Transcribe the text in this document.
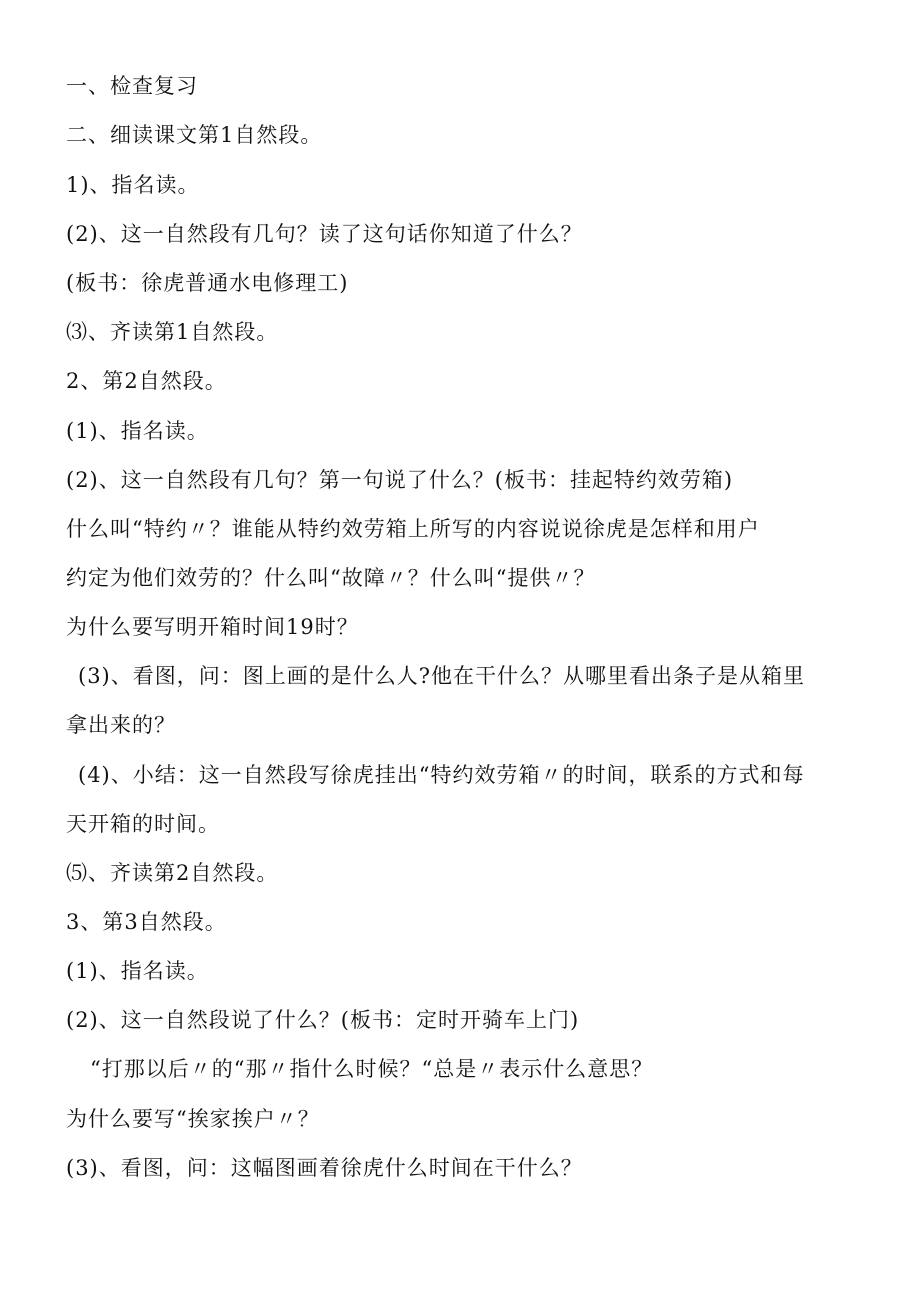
一、检查复习
二、细读课文第1自然段。
1)、指名读。
(2)、这一自然段有几句？读了这句话你知道了什么？
(板书：徐虎普通水电修理工)
⑶、齐读第1自然段。
2、第2自然段。
(1)、指名读。
(2)、这一自然段有几句？第一句说了什么？(板书：挂起特约效劳箱)
什么叫“特约〃？谁能从特约效劳箱上所写的内容说说徐虎是怎样和用户
约定为他们效劳的？什么叫“故障〃？什么叫“提供〃？
为什么要写明开箱时间19时？
(3)、看图，问：图上画的是什么人?他在干什么？从哪里看出条子是从箱里
拿出来的？
(4)、小结：这一自然段写徐虎挂出“特约效劳箱〃的时间，联系的方式和每
天开箱的时间。
⑸、齐读第2自然段。
3、第3自然段。
(1)、指名读。
(2)、这一自然段说了什么？(板书：定时开骑车上门)
“打那以后〃的“那〃指什么时候？“总是〃表示什么意思？
为什么要写“挨家挨户〃？
(3)、看图，问：这幅图画着徐虎什么时间在干什么？
